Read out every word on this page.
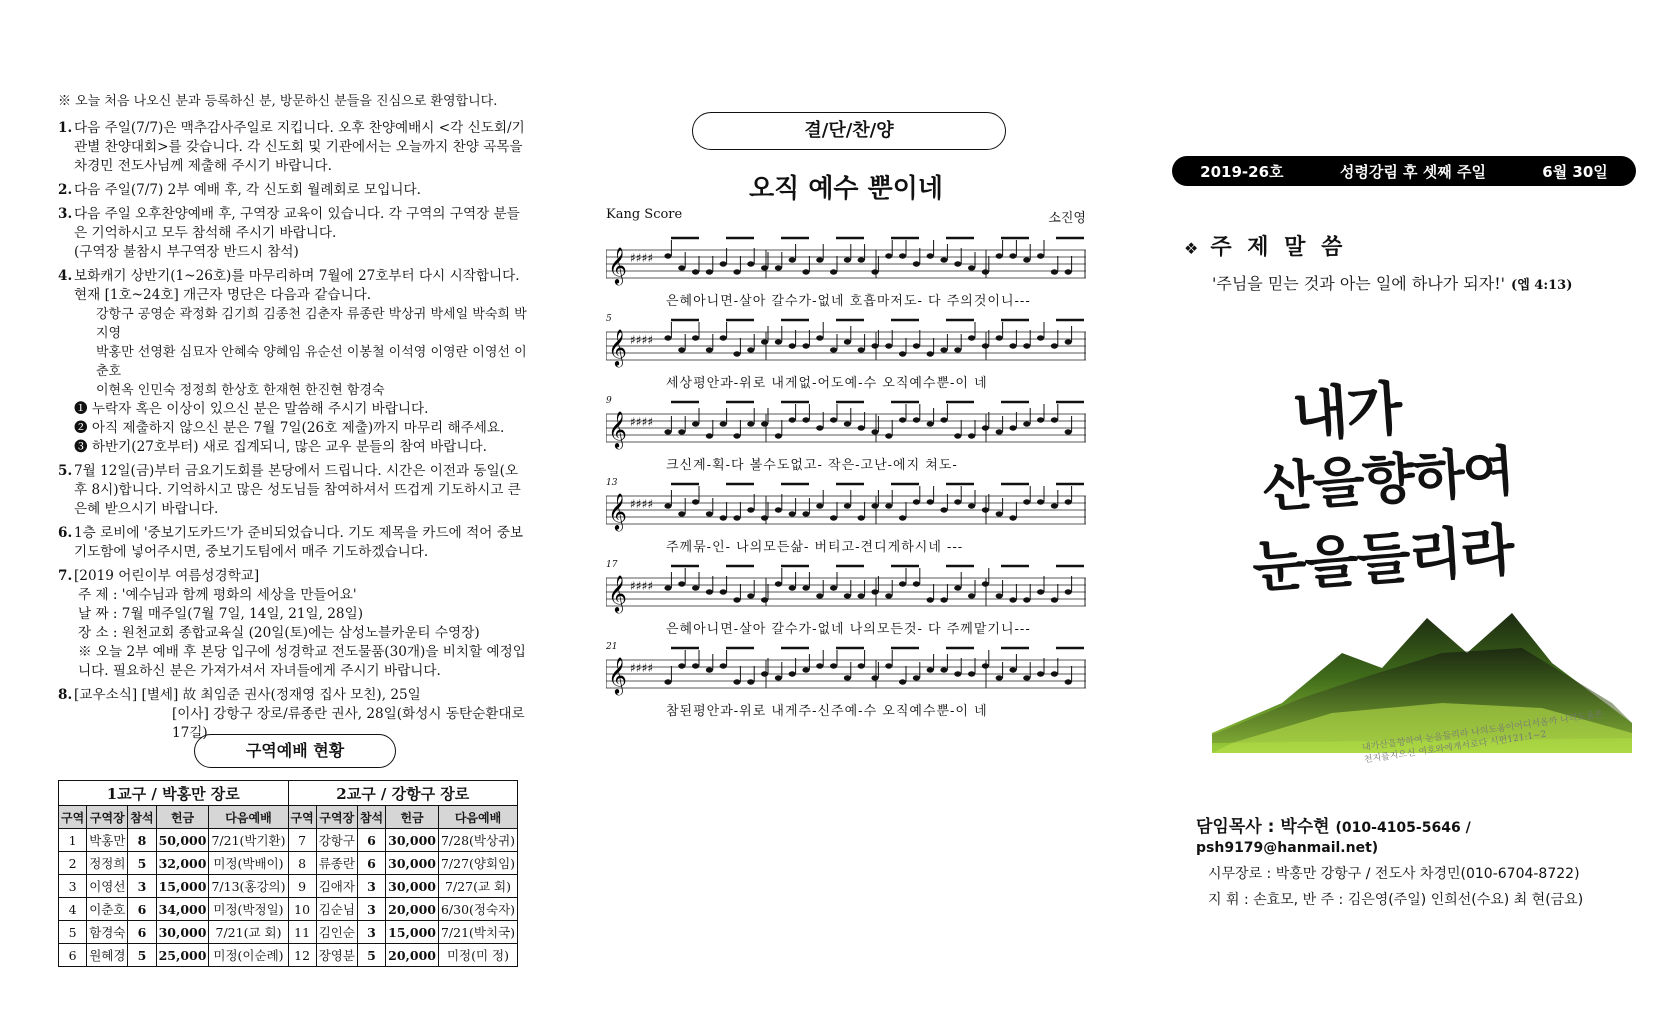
※ 오늘 처음 나오신 분과 등록하신 분, 방문하신 분들을 진심으로 환영합니다.
1. 다음 주일(7/7)은 맥추감사주일로 지킵니다. 오후 찬양예배시 <각 신도회/기관별 찬양대회>를 갖습니다. 각 신도회 및 기관에서는 오늘까지 찬양 곡목을 차경민 전도사님께 제출해 주시기 바랍니다.

2. 다음 주일(7/7) 2부 예배 후, 각 신도회 월례회로 모입니다.

3. 다음 주일 오후찬양예배 후, 구역장 교육이 있습니다. 각 구역의 구역장 분들은 기억하시고 모두 참석해 주시기 바랍니다.

(구역장 불참시 부구역장 반드시 참석)

4. 보화캐기 상반기(1~26호)를 마무리하며 7월에 27호부터 다시 시작합니다. 현재 [1호~24호] 개근자 명단은 다음과 같습니다.

강항구 공영순 곽정화 김기희 김종천 김춘자 류종란 박상귀 박세일 박숙희 박지영
박홍만 선영환 심묘자 안혜숙 양혜임 유순선 이봉철 이석영 이영란 이영선 이춘호
이현옥 인민숙 정정희 한상호 한재현 한진현 함경숙

❶ 누락자 혹은 이상이 있으신 분은 말씀해 주시기 바랍니다.

❷ 아직 제출하지 않으신 분은 7월 7일(26호 제출)까지 마무리 해주세요.

❸ 하반기(27호부터) 새로 집계되니, 많은 교우 분들의 참여 바랍니다.

5. 7월 12일(금)부터 금요기도회를 본당에서 드립니다. 시간은 이전과 동일(오후 8시)합니다. 기억하시고 많은 성도님들 참여하셔서 뜨겁게 기도하시고 큰 은혜 받으시기 바랍니다.

6. 1층 로비에 '중보기도카드'가 준비되었습니다. 기도 제목을 카드에 적어 중보기도함에 넣어주시면, 중보기도팀에서 매주 기도하겠습니다.

7. [2019 어린이부 여름성경학교]

주 제 : '예수님과 함께 평화의 세상을 만들어요'

날 짜 : 7월 매주일(7월 7일, 14일, 21일, 28일)

장 소 : 원천교회 종합교육실 (20일(토)에는 삼성노블카운티 수영장)

※ 오늘 2부 예배 후 본당 입구에 성경학교 전도물품(30개)을 비치할 예정입니다. 필요하신 분은 가져가셔서 자녀들에게 주시기 바랍니다.

8. [교우소식] [별세] 故 최임준 권사(정재영 집사 모친), 25일

[이사] 강항구 장로/류종란 권사, 28일(화성시 동탄순환대로 17길)

구역예배 현황
1교구 / 박홍만 장로					2교구 / 강항구 장로				
구역	구역장	참석	헌금	다음예배	구역	구역장	참석	헌금	다음예배
1	박홍만	8	50,000	7/21(박기환)	7	강항구	6	30,000	7/28(박상귀)
2	정정희	5	32,000	미정(박배이)	8	류종란	6	30,000	7/27(양회임)
3	이영선	3	15,000	7/13(홍강의)	9	김애자	3	30,000	7/27(교 회)
4	이춘호	6	34,000	미정(박정일)	10	김순님	3	20,000	6/30(정숙자)
5	함경숙	6	30,000	7/21(교 회)	11	김인순	3	15,000	7/21(박치국)
6	원혜경	5	25,000	미정(이순례)	12	장영분	5	20,000	미정(미 정)
결/단/찬/양
오직 예수 뿐이네
Kang Score	소진영
𝄞 ♯♯♯♯
은혜아니면-살아 갈수가-없네 호흡마저도- 다 주의것이니---
𝄞 ♯♯♯♯
5
세상평안과-위로 내게없-어도예-수 오직예수뿐-이 네
𝄞 ♯♯♯♯
9
크신계-획-다 볼수도없고- 작은-고난-에지 쳐도-
𝄞 ♯♯♯♯
13
주께묶-인- 나의모든삶- 버티고-견디게하시네 ---
𝄞 ♯♯♯♯
17
은혜아니면-살아 갈수가-없네 나의모든것- 다 주께맡기니---
𝄞 ♯♯♯♯
21
참된평안과-위로 내게주-신주예-수 오직예수뿐-이 네
2019-26호	성령강림 후 셋째 주일	6월 30일
❖ 주 제 말 씀
'주님을 믿는 것과 아는 일에 하나가 되자!' (엡 4:13)
내가
산을향하여
눈을들리라
내가산을향하여 눈을들리라 나의도움이어디서올까 나의도움은천지를지으신 여호와에게서로다 시편121:1~2
담임목사 : 박수현 (010-4105-5646 / psh9179@hanmail.net)
시무장로 : 박홍만 강항구 / 전도사 차경민(010-6704-8722)
지 휘 : 손효모, 반 주 : 김은영(주일) 인희선(수요) 최 현(금요)
